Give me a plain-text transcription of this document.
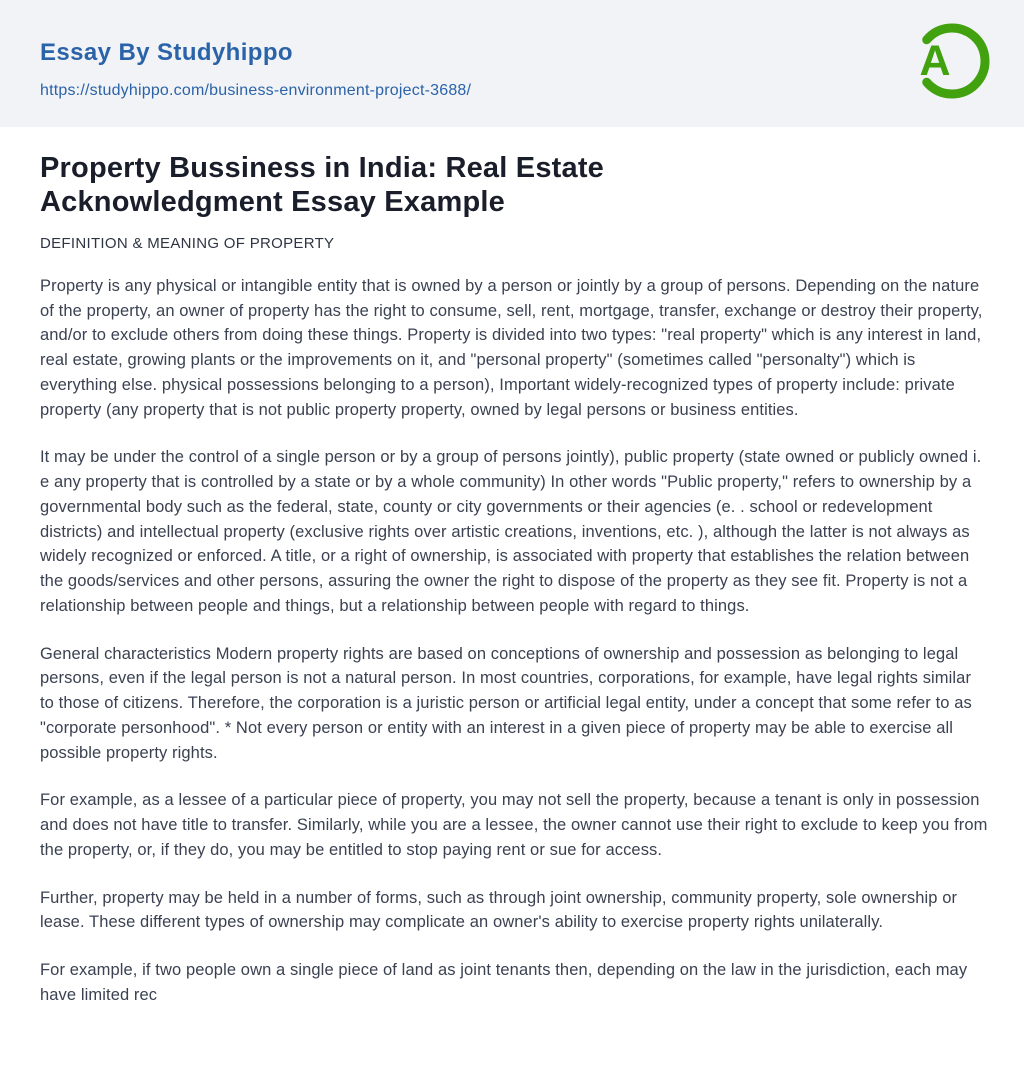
Essay By Studyhippo
https://studyhippo.com/business-environment-project-3688/
A
Property Bussiness in India: Real Estate Acknowledgment Essay Example
DEFINITION & MEANING OF PROPERTY

Property is any physical or intangible entity that is owned by a person or jointly by a group of persons. Depending on the nature of the property, an owner of property has the right to consume, sell, rent, mortgage, transfer, exchange or destroy their property, and/or to exclude others from doing these things. Property is divided into two types: "real property" which is any interest in land, real estate, growing plants or the improvements on it, and "personal property" (sometimes called "personalty") which is everything else. physical possessions belonging to a person), Important widely-recognized types of property include: private property (any property that is not public property property, owned by legal persons or business entities.

It may be under the control of a single person or by a group of persons jointly), public property (state owned or publicly owned i. e any property that is controlled by a state or by a whole community) In other words "Public property," refers to ownership by a governmental body such as the federal, state, county or city governments or their agencies (e. . school or redevelopment districts) and intellectual property (exclusive rights over artistic creations, inventions, etc. ), although the latter is not always as widely recognized or enforced. A title, or a right of ownership, is associated with property that establishes the relation between the goods/services and other persons, assuring the owner the right to dispose of the property as they see fit. Property is not a relationship between people and things, but a relationship between people with regard to things.

General characteristics Modern property rights are based on conceptions of ownership and possession as belonging to legal persons, even if the legal person is not a natural person. In most countries, corporations, for example, have legal rights similar to those of citizens. Therefore, the corporation is a juristic person or artificial legal entity, under a concept that some refer to as "corporate personhood". * Not every person or entity with an interest in a given piece of property may be able to exercise all possible property rights.

For example, as a lessee of a particular piece of property, you may not sell the property, because a tenant is only in possession and does not have title to transfer. Similarly, while you are a lessee, the owner cannot use their right to exclude to keep you from the property, or, if they do, you may be entitled to stop paying rent or sue for access.

Further, property may be held in a number of forms, such as through joint ownership, community property, sole ownership or lease. These different types of ownership may complicate an owner's ability to exercise property rights unilaterally.

For example, if two people own a single piece of land as joint tenants then, depending on the law in the jurisdiction, each may have limited rec
